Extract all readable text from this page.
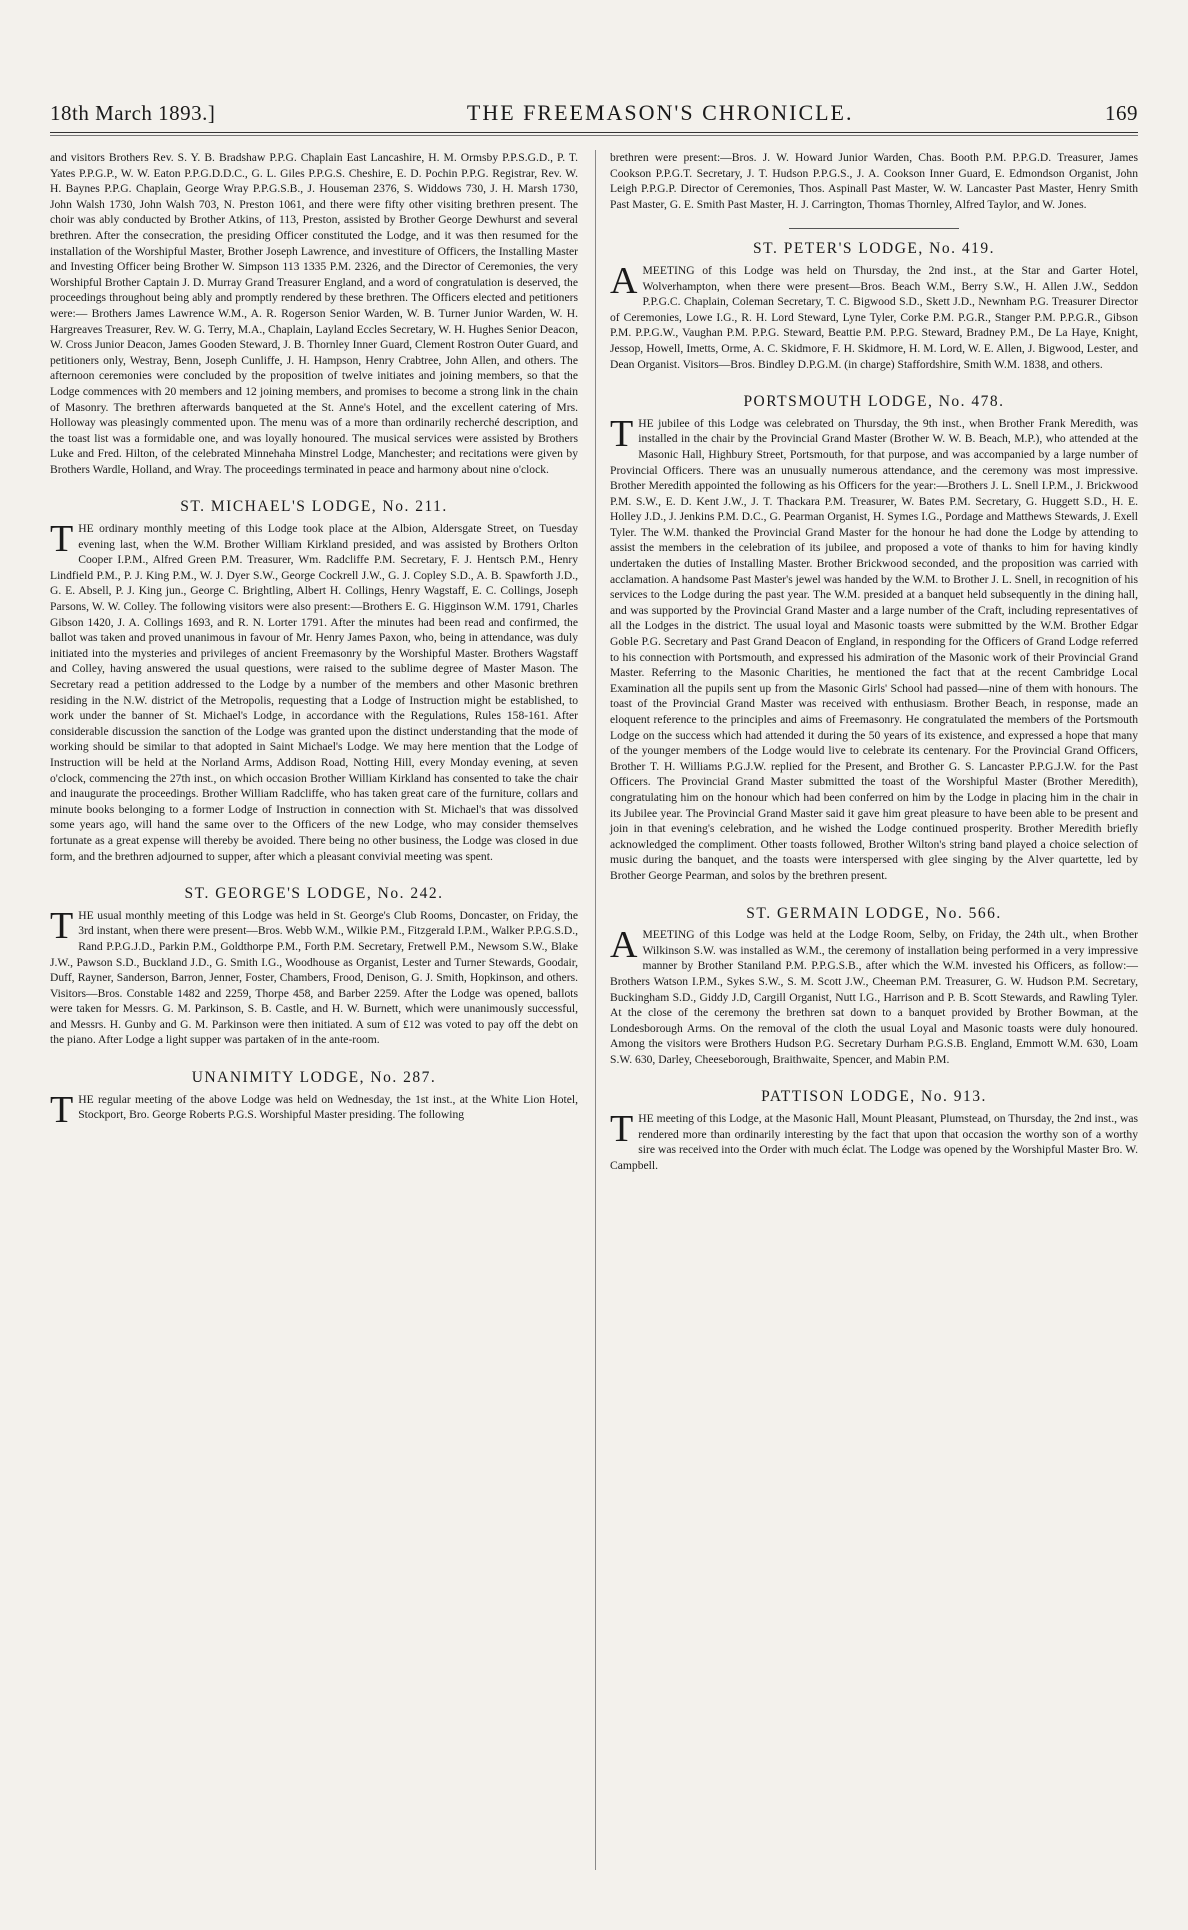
18th March 1893.]	THE FREEMASON'S CHRONICLE.	169

and visitors Brothers Rev. S. Y. B. Bradshaw P.P.G. Chaplain East Lancashire, H. M. Ormsby P.P.S.G.D., P. T. Yates P.P.G.P., W. W. Eaton P.P.G.D.D.C., G. L. Giles P.P.G.S. Cheshire, E. D. Pochin P.P.G. Registrar, Rev. W. H. Baynes P.P.G. Chaplain, George Wray P.P.G.S.B., J. Houseman 2376, S. Widdows 730, J. H. Marsh 1730, John Walsh 1730, John Walsh 703, N. Preston 1061, and there were fifty other visiting brethren present. The choir was ably conducted by Brother Atkins, of 113, Preston, assisted by Brother George Dewhurst and several brethren. After the consecration, the presiding Officer constituted the Lodge, and it was then resumed for the installation of the Worshipful Master, Brother Joseph Lawrence, and investiture of Officers, the Installing Master and Investing Officer being Brother W. Simpson 113 1335 P.M. 2326, and the Director of Ceremonies, the very Worshipful Brother Captain J. D. Murray Grand Treasurer England, and a word of congratulation is deserved, the proceedings throughout being ably and promptly rendered by these brethren. The Officers elected and petitioners were:— Brothers James Lawrence W.M., A. R. Rogerson Senior Warden, W. B. Turner Junior Warden, W. H. Hargreaves Treasurer, Rev. W. G. Terry, M.A., Chaplain, Layland Eccles Secretary, W. H. Hughes Senior Deacon, W. Cross Junior Deacon, James Gooden Steward, J. B. Thornley Inner Guard, Clement Rostron Outer Guard, and petitioners only, Westray, Benn, Joseph Cunliffe, J. H. Hampson, Henry Crabtree, John Allen, and others. The afternoon ceremonies were concluded by the proposition of twelve initiates and joining members, so that the Lodge commences with 20 members and 12 joining members, and promises to become a strong link in the chain of Masonry. The brethren afterwards banqueted at the St. Anne's Hotel, and the excellent catering of Mrs. Holloway was pleasingly commented upon. The menu was of a more than ordinarily recherché description, and the toast list was a formidable one, and was loyally honoured. The musical services were assisted by Brothers Luke and Fred. Hilton, of the celebrated Minnehaha Minstrel Lodge, Manchester; and recitations were given by Brothers Wardle, Holland, and Wray. The proceedings terminated in peace and harmony about nine o'clock.

ST. MICHAEL'S LODGE, No. 211.

THE ordinary monthly meeting of this Lodge took place at the Albion, Aldersgate Street, on Tuesday evening last, when the W.M. Brother William Kirkland presided, and was assisted by Brothers Orlton Cooper I.P.M., Alfred Green P.M. Treasurer, Wm. Radcliffe P.M. Secretary, F. J. Hentsch P.M., Henry Lindfield P.M., P. J. King P.M., W. J. Dyer S.W., George Cockrell J.W., G. J. Copley S.D., A. B. Spawforth J.D., G. E. Absell, P. J. King jun., George C. Brightling, Albert H. Collings, Henry Wagstaff, E. C. Collings, Joseph Parsons, W. W. Colley. The following visitors were also present:—Brothers E. G. Higginson W.M. 1791, Charles Gibson 1420, J. A. Collings 1693, and R. N. Lorter 1791. After the minutes had been read and confirmed, the ballot was taken and proved unanimous in favour of Mr. Henry James Paxon, who, being in attendance, was duly initiated into the mysteries and privileges of ancient Freemasonry by the Worshipful Master. Brothers Wagstaff and Colley, having answered the usual questions, were raised to the sublime degree of Master Mason. The Secretary read a petition addressed to the Lodge by a number of the members and other Masonic brethren residing in the N.W. district of the Metropolis, requesting that a Lodge of Instruction might be established, to work under the banner of St. Michael's Lodge, in accordance with the Regulations, Rules 158-161. After considerable discussion the sanction of the Lodge was granted upon the distinct understanding that the mode of working should be similar to that adopted in Saint Michael's Lodge. We may here mention that the Lodge of Instruction will be held at the Norland Arms, Addison Road, Notting Hill, every Monday evening, at seven o'clock, commencing the 27th inst., on which occasion Brother William Kirkland has consented to take the chair and inaugurate the proceedings. Brother William Radcliffe, who has taken great care of the furniture, collars and minute books belonging to a former Lodge of Instruction in connection with St. Michael's that was dissolved some years ago, will hand the same over to the Officers of the new Lodge, who may consider themselves fortunate as a great expense will thereby be avoided. There being no other business, the Lodge was closed in due form, and the brethren adjourned to supper, after which a pleasant convivial meeting was spent.

ST. GEORGE'S LODGE, No. 242.

THE usual monthly meeting of this Lodge was held in St. George's Club Rooms, Doncaster, on Friday, the 3rd instant, when there were present—Bros. Webb W.M., Wilkie P.M., Fitzgerald I.P.M., Walker P.P.G.S.D., Rand P.P.G.J.D., Parkin P.M., Goldthorpe P.M., Forth P.M. Secretary, Fretwell P.M., Newsom S.W., Blake J.W., Pawson S.D., Buckland J.D., G. Smith I.G., Woodhouse as Organist, Lester and Turner Stewards, Goodair, Duff, Rayner, Sanderson, Barron, Jenner, Foster, Chambers, Frood, Denison, G. J. Smith, Hopkinson, and others. Visitors—Bros. Constable 1482 and 2259, Thorpe 458, and Barber 2259. After the Lodge was opened, ballots were taken for Messrs. G. M. Parkinson, S. B. Castle, and H. W. Burnett, which were unanimously successful, and Messrs. H. Gunby and G. M. Parkinson were then initiated. A sum of £12 was voted to pay off the debt on the piano. After Lodge a light supper was partaken of in the ante-room.

UNANIMITY LODGE, No. 287.

THE regular meeting of the above Lodge was held on Wednesday, the 1st inst., at the White Lion Hotel, Stockport, Bro. George Roberts P.G.S. Worshipful Master presiding. The following

brethren were present:—Bros. J. W. Howard Junior Warden, Chas. Booth P.M. P.P.G.D. Treasurer, James Cookson P.P.G.T. Secretary, J. T. Hudson P.P.G.S., J. A. Cookson Inner Guard, E. Edmondson Organist, John Leigh P.P.G.P. Director of Ceremonies, Thos. Aspinall Past Master, W. W. Lancaster Past Master, Henry Smith Past Master, G. E. Smith Past Master, H. J. Carrington, Thomas Thornley, Alfred Taylor, and W. Jones.

ST. PETER'S LODGE, No. 419.

AMEETING of this Lodge was held on Thursday, the 2nd inst., at the Star and Garter Hotel, Wolverhampton, when there were present—Bros. Beach W.M., Berry S.W., H. Allen J.W., Seddon P.P.G.C. Chaplain, Coleman Secretary, T. C. Bigwood S.D., Skett J.D., Newnham P.G. Treasurer Director of Ceremonies, Lowe I.G., R. H. Lord Steward, Lyne Tyler, Corke P.M. P.G.R., Stanger P.M. P.P.G.R., Gibson P.M. P.P.G.W., Vaughan P.M. P.P.G. Steward, Beattie P.M. P.P.G. Steward, Bradney P.M., De La Haye, Knight, Jessop, Howell, Imetts, Orme, A. C. Skidmore, F. H. Skidmore, H. M. Lord, W. E. Allen, J. Bigwood, Lester, and Dean Organist. Visitors—Bros. Bindley D.P.G.M. (in charge) Staffordshire, Smith W.M. 1838, and others.

PORTSMOUTH LODGE, No. 478.

THE jubilee of this Lodge was celebrated on Thursday, the 9th inst., when Brother Frank Meredith, was installed in the chair by the Provincial Grand Master (Brother W. W. B. Beach, M.P.), who attended at the Masonic Hall, Highbury Street, Portsmouth, for that purpose, and was accompanied by a large number of Provincial Officers. There was an unusually numerous attendance, and the ceremony was most impressive. Brother Meredith appointed the following as his Officers for the year:—Brothers J. L. Snell I.P.M., J. Brickwood P.M. S.W., E. D. Kent J.W., J. T. Thackara P.M. Treasurer, W. Bates P.M. Secretary, G. Huggett S.D., H. E. Holley J.D., J. Jenkins P.M. D.C., G. Pearman Organist, H. Symes I.G., Pordage and Matthews Stewards, J. Exell Tyler. The W.M. thanked the Provincial Grand Master for the honour he had done the Lodge by attending to assist the members in the celebration of its jubilee, and proposed a vote of thanks to him for having kindly undertaken the duties of Installing Master. Brother Brickwood seconded, and the proposition was carried with acclamation. A handsome Past Master's jewel was handed by the W.M. to Brother J. L. Snell, in recognition of his services to the Lodge during the past year. The W.M. presided at a banquet held subsequently in the dining hall, and was supported by the Provincial Grand Master and a large number of the Craft, including representatives of all the Lodges in the district. The usual loyal and Masonic toasts were submitted by the W.M. Brother Edgar Goble P.G. Secretary and Past Grand Deacon of England, in responding for the Officers of Grand Lodge referred to his connection with Portsmouth, and expressed his admiration of the Masonic work of their Provincial Grand Master. Referring to the Masonic Charities, he mentioned the fact that at the recent Cambridge Local Examination all the pupils sent up from the Masonic Girls' School had passed—nine of them with honours. The toast of the Provincial Grand Master was received with enthusiasm. Brother Beach, in response, made an eloquent reference to the principles and aims of Freemasonry. He congratulated the members of the Portsmouth Lodge on the success which had attended it during the 50 years of its existence, and expressed a hope that many of the younger members of the Lodge would live to celebrate its centenary. For the Provincial Grand Officers, Brother T. H. Williams P.G.J.W. replied for the Present, and Brother G. S. Lancaster P.P.G.J.W. for the Past Officers. The Provincial Grand Master submitted the toast of the Worshipful Master (Brother Meredith), congratulating him on the honour which had been conferred on him by the Lodge in placing him in the chair in its Jubilee year. The Provincial Grand Master said it gave him great pleasure to have been able to be present and join in that evening's celebration, and he wished the Lodge continued prosperity. Brother Meredith briefly acknowledged the compliment. Other toasts followed, Brother Wilton's string band played a choice selection of music during the banquet, and the toasts were interspersed with glee singing by the Alver quartette, led by Brother George Pearman, and solos by the brethren present.

ST. GERMAIN LODGE, No. 566.

AMEETING of this Lodge was held at the Lodge Room, Selby, on Friday, the 24th ult., when Brother Wilkinson S.W. was installed as W.M., the ceremony of installation being performed in a very impressive manner by Brother Staniland P.M. P.P.G.S.B., after which the W.M. invested his Officers, as follow:—Brothers Watson I.P.M., Sykes S.W., S. M. Scott J.W., Cheeman P.M. Treasurer, G. W. Hudson P.M. Secretary, Buckingham S.D., Giddy J.D, Cargill Organist, Nutt I.G., Harrison and P. B. Scott Stewards, and Rawling Tyler. At the close of the ceremony the brethren sat down to a banquet provided by Brother Bowman, at the Londesborough Arms. On the removal of the cloth the usual Loyal and Masonic toasts were duly honoured. Among the visitors were Brothers Hudson P.G. Secretary Durham P.G.S.B. England, Emmott W.M. 630, Loam S.W. 630, Darley, Cheeseborough, Braithwaite, Spencer, and Mabin P.M.

PATTISON LODGE, No. 913.

THE meeting of this Lodge, at the Masonic Hall, Mount Pleasant, Plumstead, on Thursday, the 2nd inst., was rendered more than ordinarily interesting by the fact that upon that occasion the worthy son of a worthy sire was received into the Order with much éclat. The Lodge was opened by the Worshipful Master Bro. W. Campbell.
